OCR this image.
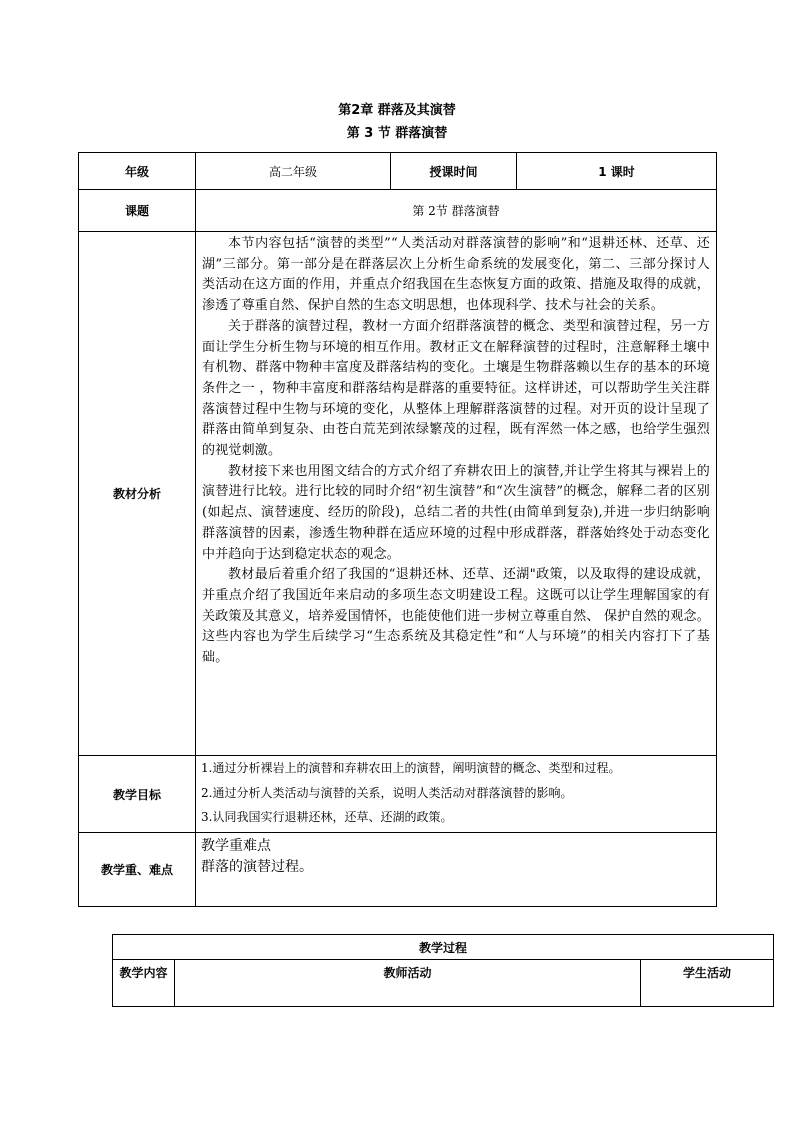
第2章 群落及其演替
第 3 节 群落演替
年级	高二年级	授课时间	1 课时
课题	第 2节 群落演替		
教材分析	本节内容包括“演替的类型”“人类活动对群落演替的影响”和“退耕还林、还草、还湖”三部分。第一部分是在群落层次上分析生命系统的发展变化，第二、三部分探讨人类活动在这方面的作用，并重点介绍我国在生态恢复方面的政策、措施及取得的成就，渗透了尊重自然、保护自然的生态文明思想，也体现科学、技术与社会的关系。

关于群落的演替过程，教材一方面介绍群落演替的概念、类型和演替过程，另一方面让学生分析生物与环境的相互作用。教材正文在解释演替的过程时，注意解释土壤中有机物、群落中物种丰富度及群落结构的变化。土壤是生物群落赖以生存的基本的环境条件之一 ，物种丰富度和群落结构是群落的重要特征。这样讲述，可以帮助学生关注群落演替过程中生物与环境的变化，从整体上理解群落演替的过程。对开页的设计呈现了群落由简单到复杂、由苍白荒芜到浓绿繁茂的过程，既有浑然一体之感，也给学生强烈的视觉刺激。

教材接下来也用图文结合的方式介绍了弃耕农田上的演替,并让学生将其与裸岩上的演替进行比较。进行比较的同时介绍“初生演替”和“次生演替”的概念，解释二者的区别(如起点、演替速度、经历的阶段)，总结二者的共性(由简单到复杂),并进一步归纳影响群落演替的因素，渗透生物种群在适应环境的过程中形成群落，群落始终处于动态变化中并趋向于达到稳定状态的观念。

教材最后着重介绍了我国的“退耕还林、还草、还湖"政策，以及取得的建设成就，并重点介绍了我国近年来启动的多项生态文明建设工程。这既可以让学生理解国家的有关政策及其意义，培养爱国情怀，也能使他们进一步树立尊重自然、 保护自然的观念。这些内容也为学生后续学习“生态系统及其稳定性”和“人与环境”的相关内容打下了基础。		

教学目标	1.通过分析裸岩上的演替和弃耕农田上的演替，阐明演替的概念、类型和过程。

2.通过分析人类活动与演替的关系，说明人类活动对群落演替的影响。

3.认同我国实行退耕还林，还草、还湖的政策。		

教学重、难点	教学重难点

群落的演替过程。		

教学过程
教学内容	教师活动	学生活动
